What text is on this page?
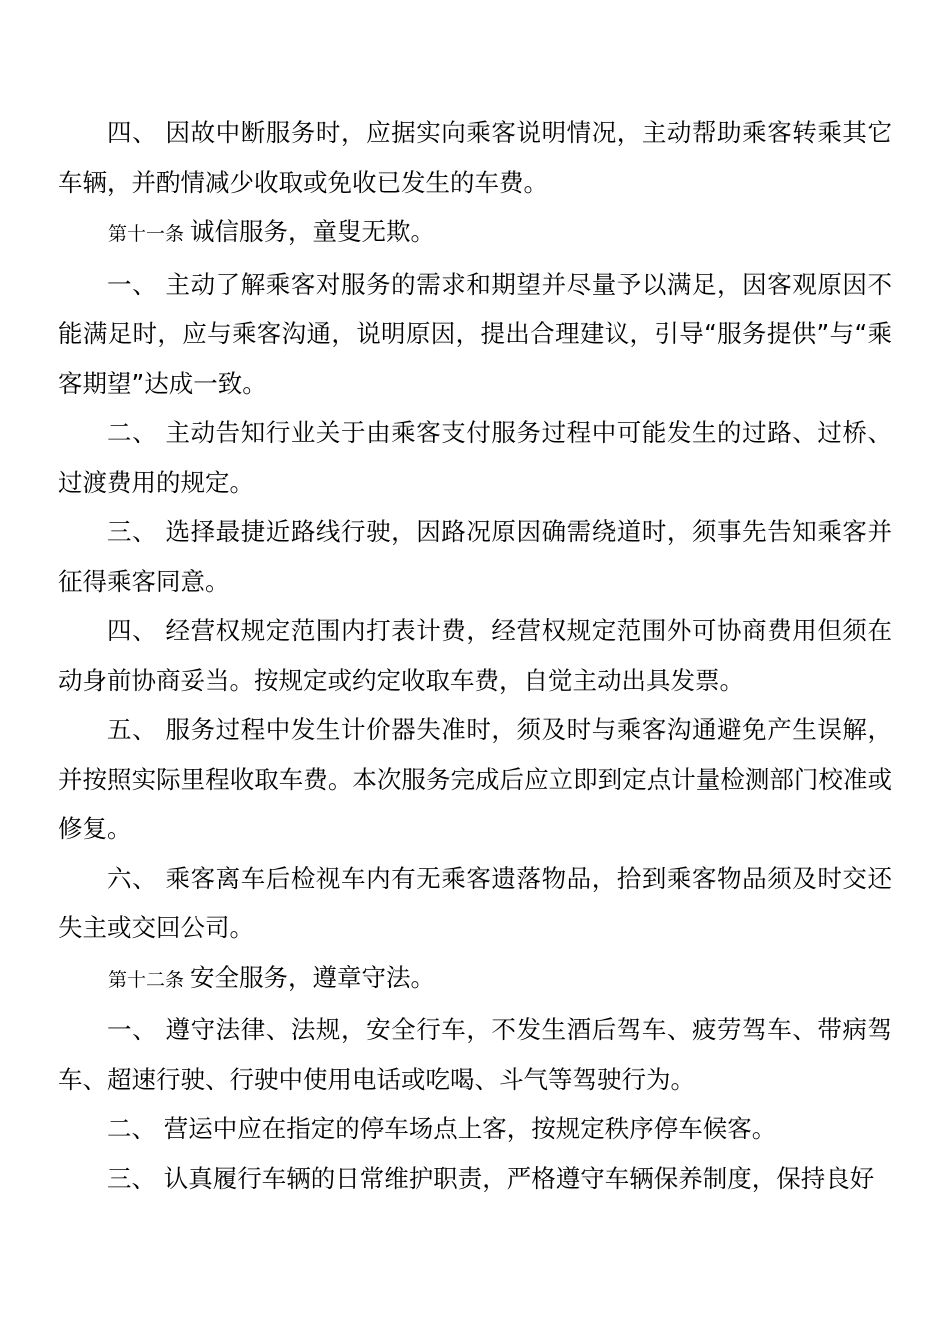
四、 因故中断服务时，应据实向乘客说明情况，主动帮助乘客转乘其它车辆，并酌情减少收取或免收已发生的车费。

第十一条 诚信服务，童叟无欺。

一、 主动了解乘客对服务的需求和期望并尽量予以满足，因客观原因不能满足时，应与乘客沟通，说明原因，提出合理建议，引导“服务提供”与“乘客期望”达成一致。

二、 主动告知行业关于由乘客支付服务过程中可能发生的过路、过桥、过渡费用的规定。

三、 选择最捷近路线行驶，因路况原因确需绕道时，须事先告知乘客并征得乘客同意。

四、 经营权规定范围内打表计费，经营权规定范围外可协商费用但须在动身前协商妥当。按规定或约定收取车费，自觉主动出具发票。

五、 服务过程中发生计价器失准时，须及时与乘客沟通避免产生误解，并按照实际里程收取车费。本次服务完成后应立即到定点计量检测部门校准或修复。

六、 乘客离车后检视车内有无乘客遗落物品，拾到乘客物品须及时交还失主或交回公司。

第十二条 安全服务，遵章守法。

一、 遵守法律、法规，安全行车，不发生酒后驾车、疲劳驾车、带病驾车、超速行驶、行驶中使用电话或吃喝、斗气等驾驶行为。

二、 营运中应在指定的停车场点上客，按规定秩序停车候客。

三、 认真履行车辆的日常维护职责，严格遵守车辆保养制度，保持良好
